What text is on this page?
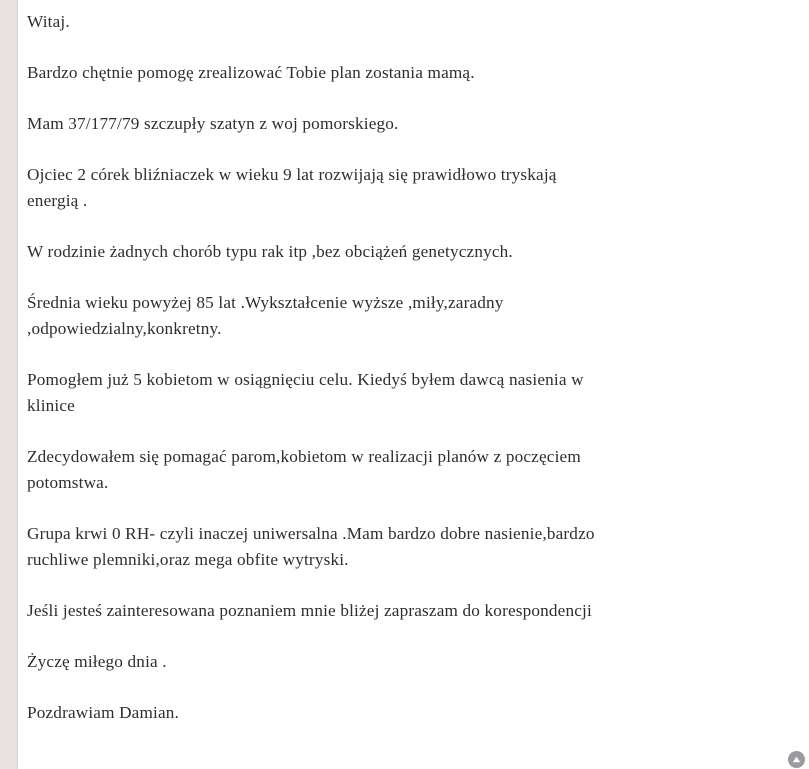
Witaj.

Bardzo chętnie pomogę zrealizować Tobie plan zostania mamą.

Mam 37/177/79 szczupły szatyn z woj pomorskiego.

Ojciec 2 córek bliźniaczek w wieku 9 lat rozwijają się prawidłowo tryskają energią .

W rodzinie żadnych chorób typu rak itp ,bez obciążeń genetycznych.

Średnia wieku powyżej 85 lat .Wykształcenie wyższe ,miły,zaradny ,odpowiedzialny,konkretny.

Pomogłem już 5 kobietom w osiągnięciu celu. Kiedyś byłem dawcą nasienia w klinice

Zdecydowałem się pomagać parom,kobietom w realizacji planów z poczęciem potomstwa.

Grupa krwi 0 RH- czyli inaczej uniwersalna .Mam bardzo dobre nasienie,bardzo ruchliwe plemniki,oraz mega obfite wytryski.

Jeśli jesteś zainteresowana poznaniem mnie bliżej zapraszam do korespondencji

Życzę miłego dnia .

Pozdrawiam Damian.
